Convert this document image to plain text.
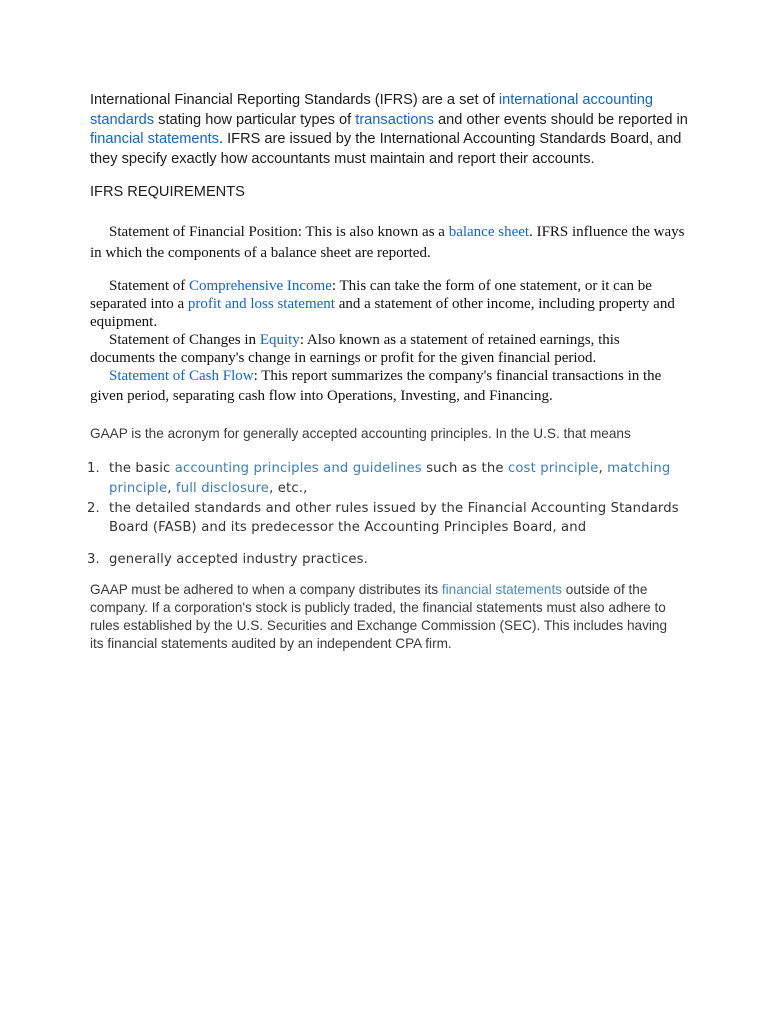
International Financial Reporting Standards (IFRS) are a set of international accounting standards stating how particular types of transactions and other events should be reported in financial statements. IFRS are issued by the International Accounting Standards Board, and they specify exactly how accountants must maintain and report their accounts.

IFRS REQUIREMENTS

Statement of Financial Position: This is also known as a balance sheet. IFRS influence the ways in which the components of a balance sheet are reported.

Statement of Comprehensive Income: This can take the form of one statement, or it can be separated into a profit and loss statement and a statement of other income, including property and equipment.

Statement of Changes in Equity: Also known as a statement of retained earnings, this documents the company's change in earnings or profit for the given financial period.

Statement of Cash Flow: This report summarizes the company's financial transactions in the given period, separating cash flow into Operations, Investing, and Financing.

GAAP is the acronym for generally accepted accounting principles. In the U.S. that means

1. the basic accounting principles and guidelines such as the cost principle, matching principle, full disclosure, etc.,
2. the detailed standards and other rules issued by the Financial Accounting Standards Board (FASB) and its predecessor the Accounting Principles Board, and
3. generally accepted industry practices.

GAAP must be adhered to when a company distributes its financial statements outside of the company. If a corporation's stock is publicly traded, the financial statements must also adhere to rules established by the U.S. Securities and Exchange Commission (SEC). This includes having its financial statements audited by an independent CPA firm.
